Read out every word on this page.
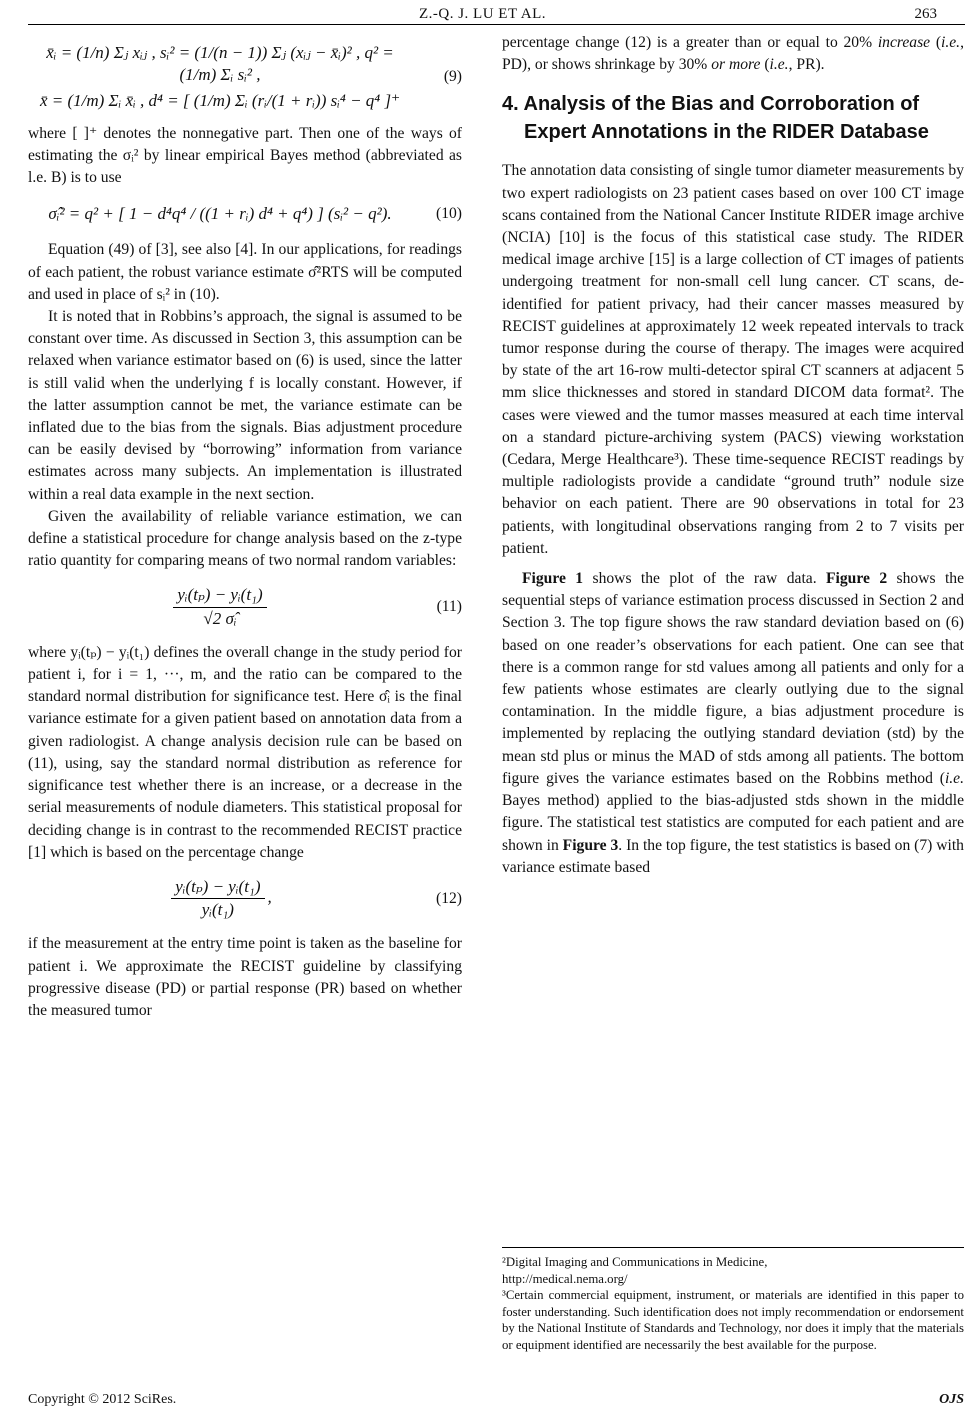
Z.-Q. J. LU ET AL.	263
x̄ᵢ = (1/n) Σⱼ xᵢⱼ , sᵢ² = (1/(n − 1)) Σⱼ (xᵢⱼ − x̄ᵢ)² , q² = (1/m) Σᵢ sᵢ² ,
x̄ = (1/m) Σᵢ x̄ᵢ , d⁴ = [ (1/m) Σᵢ (rᵢ/(1 + rᵢ)) sᵢ⁴ − q⁴ ]⁺
(9)

where [ ]⁺ denotes the nonnegative part. Then one of the ways of estimating the σᵢ² by linear empirical Bayes method (abbreviated as l.e. B) is to use

σ̂ᵢ² = q² + [ 1 − d⁴q⁴ / ((1 + rᵢ) d⁴ + q⁴) ] (sᵢ² − q²).	(10)

Equation (49) of [3], see also [4]. In our applications, for readings of each patient, the robust variance estimate σ̂²RTS will be computed and used in place of sᵢ² in (10).

It is noted that in Robbins’s approach, the signal is assumed to be constant over time. As discussed in Section 3, this assumption can be relaxed when variance estimator based on (6) is used, since the latter is still valid when the underlying f is locally constant. However, if the latter assumption cannot be met, the variance estimate can be inflated due to the bias from the signals. Bias adjustment procedure can be easily devised by “borrowing” information from variance estimates across many subjects. An implementation is illustrated within a real data example in the next section.

Given the availability of reliable variance estimation, we can define a statistical procedure for change analysis based on the z-type ratio quantity for comparing means of two normal random variables:

$\frac{\text{yᵢ(tₚ) − yᵢ(t₁)}}{\text{√2 σ̂ᵢ}}$	(11)

where yᵢ(tₚ) − yᵢ(t₁) defines the overall change in the study period for patient i, for i = 1, ···, m, and the ratio can be compared to the standard normal distribution for significance test. Here σ̂ᵢ is the final variance estimate for a given patient based on annotation data from a given radiologist. A change analysis decision rule can be based on (11), using, say the standard normal distribution as reference for significance test whether there is an increase, or a decrease in the serial measurements of nodule diameters. This statistical proposal for deciding change is in contrast to the recommended RECIST practice [1] which is based on the percentage change

$\frac{\text{yᵢ(tₚ) − yᵢ(t₁)}}{\text{yᵢ(t₁)}}$ ,	(12)

if the measurement at the entry time point is taken as the baseline for patient i. We approximate the RECIST guideline by classifying progressive disease (PD) or partial response (PR) based on whether the measured tumor

percentage change (12) is a greater than or equal to 20% increase (i.e., PD), or shows shrinkage by 30% or more (i.e., PR).

4. Analysis of the Bias and Corroboration of Expert Annotations in the RIDER Database

The annotation data consisting of single tumor diameter measurements by two expert radiologists on 23 patient cases based on over 100 CT image scans contained from the National Cancer Institute RIDER image archive (NCIA) [10] is the focus of this statistical case study. The RIDER medical image archive [15] is a large collection of CT images of patients undergoing treatment for non-small cell lung cancer. CT scans, de-identified for patient privacy, had their cancer masses measured by RECIST guidelines at approximately 12 week repeated intervals to track tumor response during the course of therapy. The images were acquired by state of the art 16-row multi-detector spiral CT scanners at adjacent 5 mm slice thicknesses and stored in standard DICOM data format². The cases were viewed and the tumor masses measured at each time interval on a standard picture-archiving system (PACS) viewing workstation (Cedara, Merge Healthcare³). These time-sequence RECIST readings by multiple radiologists provide a candidate “ground truth” nodule size behavior on each patient. There are 90 observations in total for 23 patients, with longitudinal observations ranging from 2 to 7 visits per patient.

Figure 1 shows the plot of the raw data. Figure 2 shows the sequential steps of variance estimation process discussed in Section 2 and Section 3. The top figure shows the raw standard deviation based on (6) based on one reader’s observations for each patient. One can see that there is a common range for std values among all patients and only for a few patients whose estimates are clearly outlying due to the signal contamination. In the middle figure, a bias adjustment procedure is implemented by replacing the outlying standard deviation (std) by the mean std plus or minus the MAD of stds among all patients. The bottom figure gives the variance estimates based on the Robbins method (i.e. Bayes method) applied to the bias-adjusted stds shown in the middle figure. The statistical test statistics are computed for each patient and are shown in Figure 3. In the top figure, the test statistics is based on (7) with variance estimate based

²Digital Imaging and Communications in Medicine,
http://medical.nema.org/
³Certain commercial equipment, instrument, or materials are identified in this paper to foster understanding. Such identification does not imply recommendation or endorsement by the National Institute of Standards and Technology, nor does it imply that the materials or equipment identified are necessarily the best available for the purpose.
Copyright © 2012 SciRes.	OJS
